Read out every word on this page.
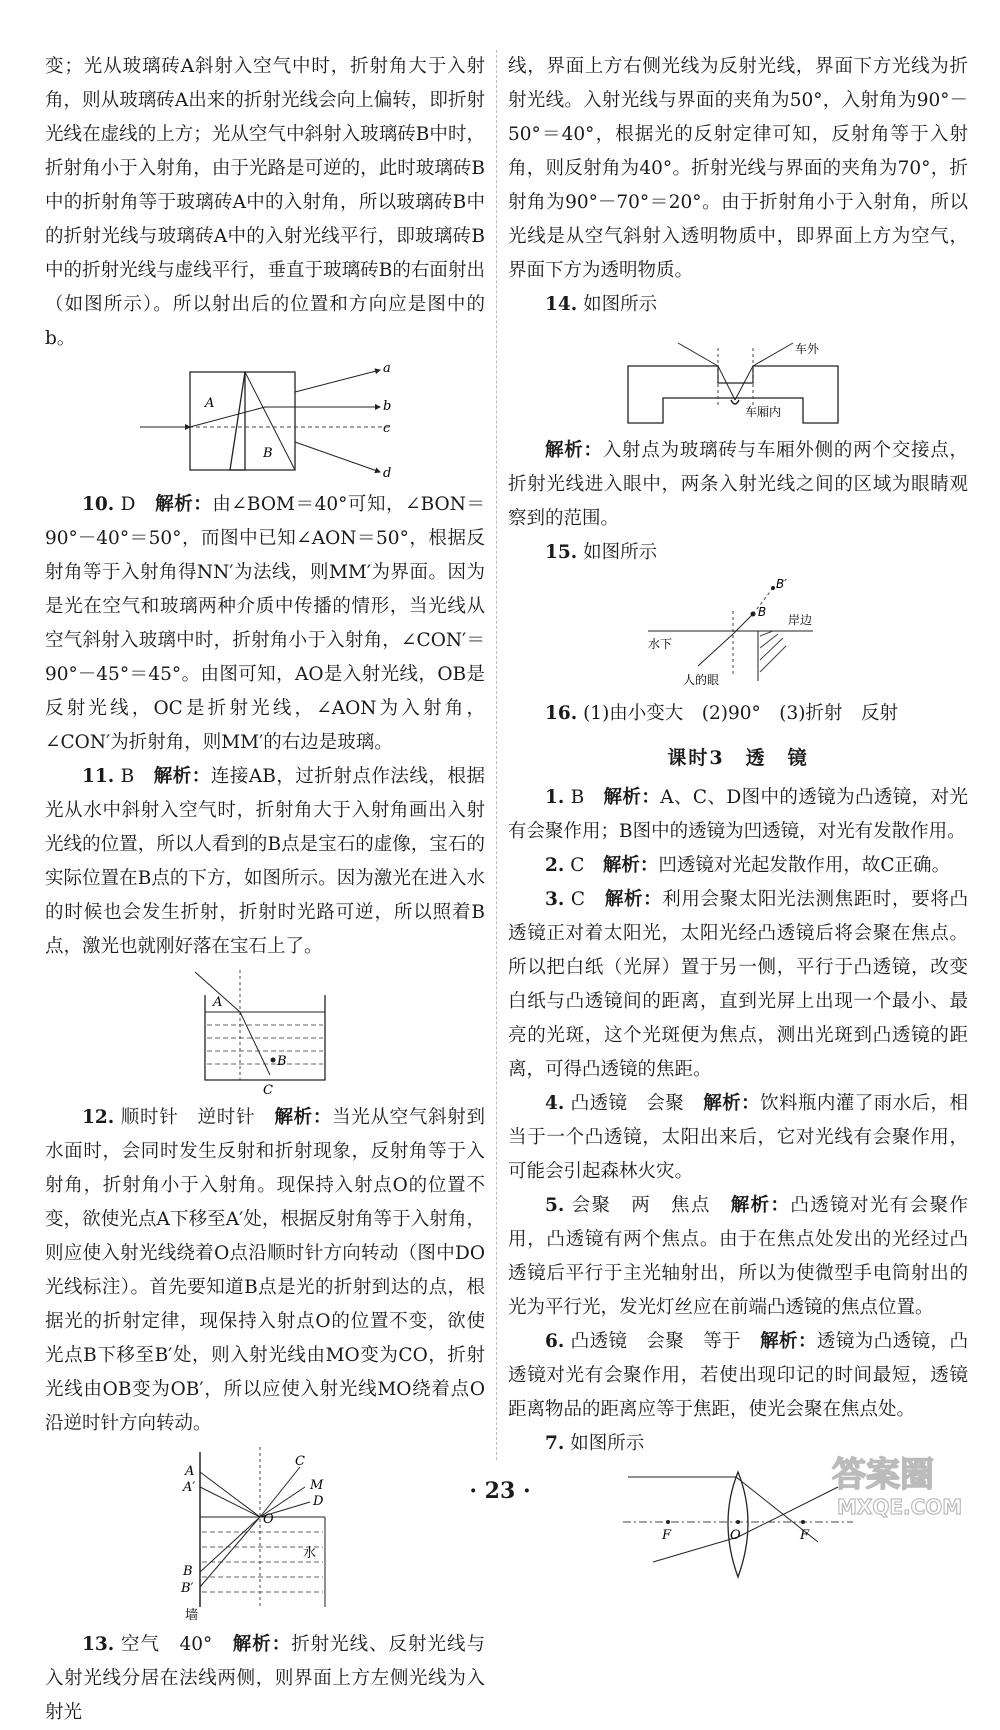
变；光从玻璃砖A斜射入空气中时，折射角大于入射角，则从玻璃砖A出来的折射光线会向上偏转，即折射光线在虚线的上方；光从空气中斜射入玻璃砖B中时，折射角小于入射角，由于光路是可逆的，此时玻璃砖B中的折射角等于玻璃砖A中的入射角，所以玻璃砖B中的折射光线与玻璃砖A中的入射光线平行，即玻璃砖B中的折射光线与虚线平行，垂直于玻璃砖B的右面射出（如图所示）。所以射出后的位置和方向应是图中的b。

a
b
c
d
A
B

10. D　 解析：由∠BOM＝40°可知，∠BON＝90°－40°＝50°，而图中已知∠AON＝50°，根据反射角等于入射角得NN′为法线，则MM′为界面。因为是光在空气和玻璃两种介质中传播的情形，当光线从空气斜射入玻璃中时，折射角小于入射角，∠CON′＝90°－45°＝45°。由图可知，AO是入射光线，OB是反射光线，OC是折射光线，∠AON为入射角，∠CON′为折射角，则MM′的右边是玻璃。

11. B　 解析：连接AB，过折射点作法线，根据光从水中斜射入空气时，折射角大于入射角画出入射光线的位置，所以人看到的B点是宝石的虚像，宝石的实际位置在B点的下方，如图所示。因为激光在进入水的时候也会发生折射，折射时光路可逆，所以照着B点，激光也就刚好落在宝石上了。

A
B
C

12. 顺时针　逆时针　 解析：当光从空气斜射到水面时，会同时发生反射和折射现象，反射角等于入射角，折射角小于入射角。现保持入射点O的位置不变，欲使光点A下移至A′处，根据反射角等于入射角，则应使入射光线绕着O点沿顺时针方向转动（图中DO光线标注）。首先要知道B点是光的折射到达的点，根据光的折射定律，现保持入射点O的位置不变，欲使光点B下移至B′处，则入射光线由MO变为CO，折射光线由OB变为OB′，所以应使入射光线MO绕着点O沿逆时针方向转动。

A
A′
C
M
D
O
水
B
B′
墙

13. 空气　40°　 解析：折射光线、反射光线与入射光线分居在法线两侧，则界面上方左侧光线为入射光

线，界面上方右侧光线为反射光线，界面下方光线为折射光线。入射光线与界面的夹角为50°，入射角为90°－50°＝40°，根据光的反射定律可知，反射角等于入射角，则反射角为40°。折射光线与界面的夹角为70°，折射角为90°－70°＝20°。由于折射角小于入射角，所以光线是从空气斜射入透明物质中，即界面上方为空气，界面下方为透明物质。

14. 如图所示

车外
车厢内

解析：入射点为玻璃砖与车厢外侧的两个交接点，折射光线进入眼中，两条入射光线之间的区域为眼睛观察到的范围。

15. 如图所示

B′
B
岸边
水下
人的眼

16. (1)由小变大　(2)90°　(3)折射　反射

课时3　透　镜

1. B　 解析：A、C、D图中的透镜为凸透镜，对光有会聚作用；B图中的透镜为凹透镜，对光有发散作用。

2. C　 解析：凹透镜对光起发散作用，故C正确。

3. C　 解析：利用会聚太阳光法测焦距时，要将凸透镜正对着太阳光，太阳光经凸透镜后将会聚在焦点。所以把白纸（光屏）置于另一侧，平行于凸透镜，改变白纸与凸透镜间的距离，直到光屏上出现一个最小、最亮的光斑，这个光斑便为焦点，测出光斑到凸透镜的距离，可得凸透镜的焦距。

4. 凸透镜　会聚　 解析：饮料瓶内灌了雨水后，相当于一个凸透镜，太阳出来后，它对光线有会聚作用，可能会引起森林火灾。

5. 会聚　两　焦点　 解析：凸透镜对光有会聚作用，凸透镜有两个焦点。由于在焦点处发出的光经过凸透镜后平行于主光轴射出，所以为使微型手电筒射出的光为平行光，发光灯丝应在前端凸透镜的焦点位置。

6. 凸透镜　会聚　等于　 解析：透镜为凸透镜，凸透镜对光有会聚作用，若使出现印记的时间最短，透镜距离物品的距离应等于焦距，使光会聚在焦点处。

7. 如图所示

F	O	F
· 23 ·	答案圈
MXQE.COM
